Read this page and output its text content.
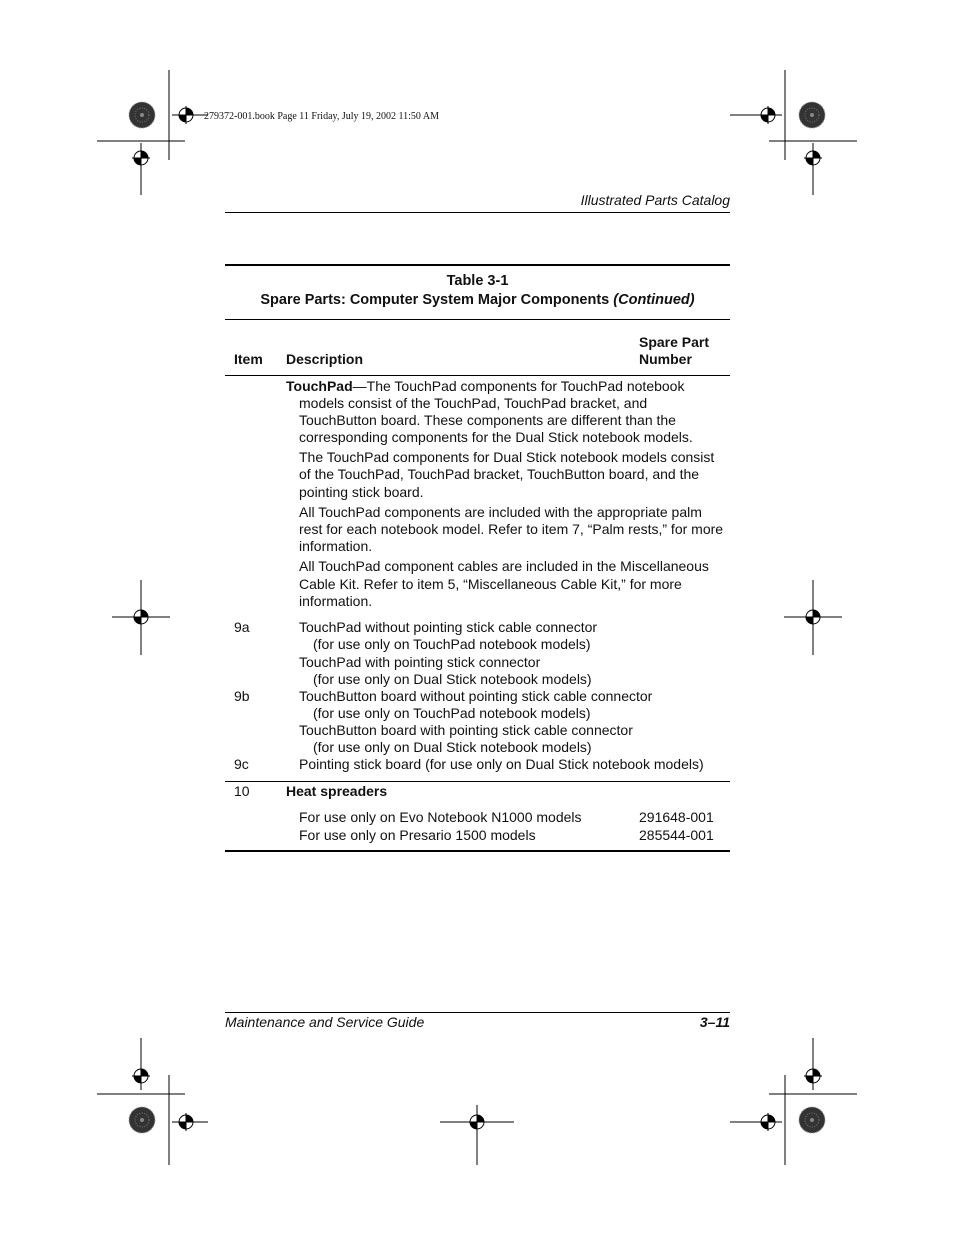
279372-001.book Page 11 Friday, July 19, 2002 11:50 AM
Illustrated Parts Catalog
Table 3-1
Spare Parts: Computer System Major Components (Continued)
Item Description
Spare Part
Number
TouchPad—The TouchPad components for TouchPad notebook
models consist of the TouchPad, TouchPad bracket, and
TouchButton board. These components are different than the
corresponding components for the Dual Stick notebook models.
The TouchPad components for Dual Stick notebook models consist
of the TouchPad, TouchPad bracket, TouchButton board, and the
pointing stick board.
All TouchPad components are included with the appropriate palm
rest for each notebook model. Refer to item 7, “Palm rests,” for more
information.
All TouchPad component cables are included in the Miscellaneous
Cable Kit. Refer to item 5, “Miscellaneous Cable Kit,” for more
information.
9a	TouchPad without pointing stick cable connector
(for use only on TouchPad notebook models)
TouchPad with pointing stick connector
(for use only on Dual Stick notebook models)
9b	TouchButton board without pointing stick cable connector
(for use only on TouchPad notebook models)
TouchButton board with pointing stick cable connector
(for use only on Dual Stick notebook models)
9c	Pointing stick board (for use only on Dual Stick notebook models)
10	Heat spreaders
For use only on Evo Notebook N1000 models	291648-001
For use only on Presario 1500 models	285544-001
Maintenance and Service Guide	3–11
